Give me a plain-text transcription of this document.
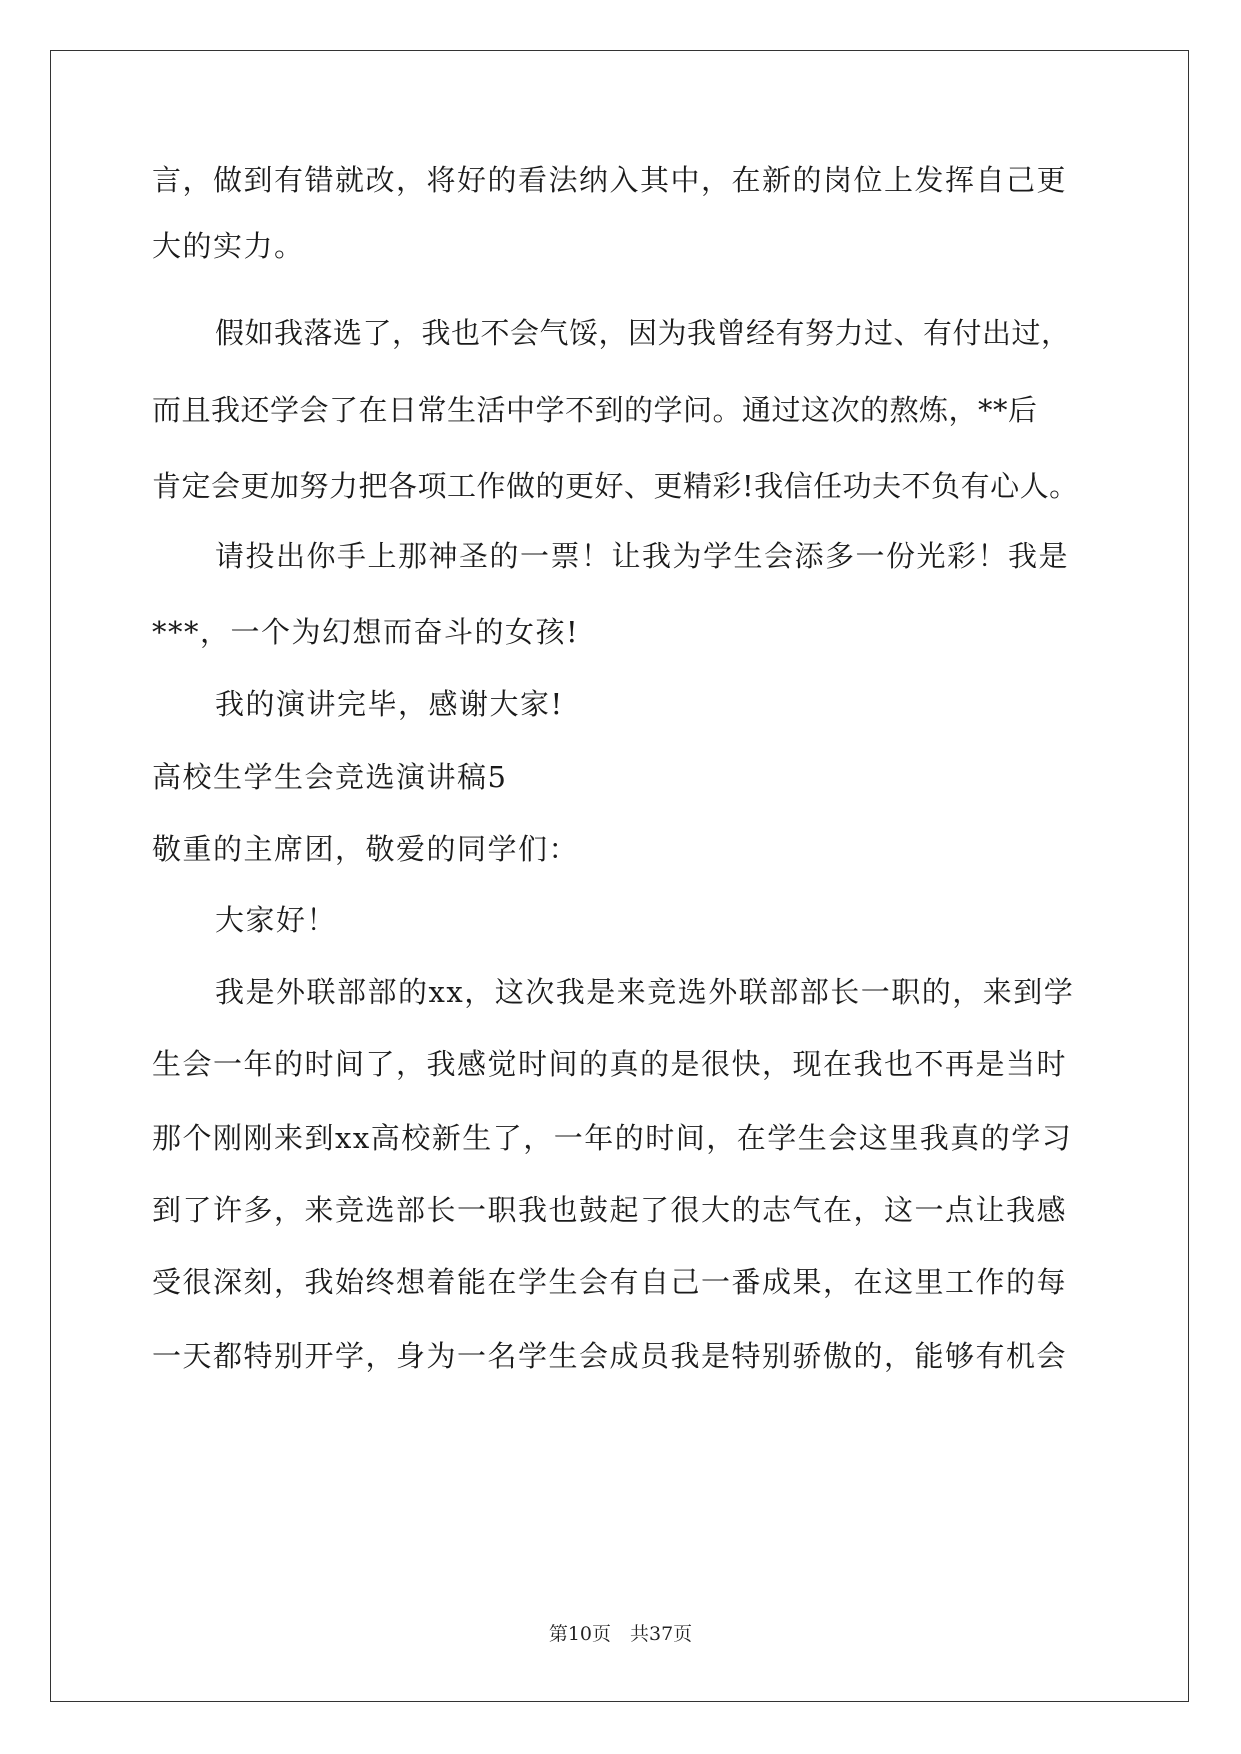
言，做到有错就改，将好的看法纳入其中，在新的岗位上发挥自己更
大的实力。
假如我落选了，我也不会气馁，因为我曾经有努力过、有付出过，
而且我还学会了在日常生活中学不到的学问。通过这次的熬炼，**后
肯定会更加努力把各项工作做的更好、更精彩!我信任功夫不负有心人。
请投出你手上那神圣的一票！让我为学生会添多一份光彩！我是
***，一个为幻想而奋斗的女孩!
我的演讲完毕，感谢大家!
高校生学生会竞选演讲稿5
敬重的主席团，敬爱的同学们：
大家好！
我是外联部部的xx，这次我是来竞选外联部部长一职的，来到学
生会一年的时间了，我感觉时间的真的是很快，现在我也不再是当时
那个刚刚来到xx高校新生了，一年的时间，在学生会这里我真的学习
到了许多，来竞选部长一职我也鼓起了很大的志气在，这一点让我感
受很深刻，我始终想着能在学生会有自己一番成果，在这里工作的每
一天都特别开学，身为一名学生会成员我是特别骄傲的，能够有机会
第10页　共37页
